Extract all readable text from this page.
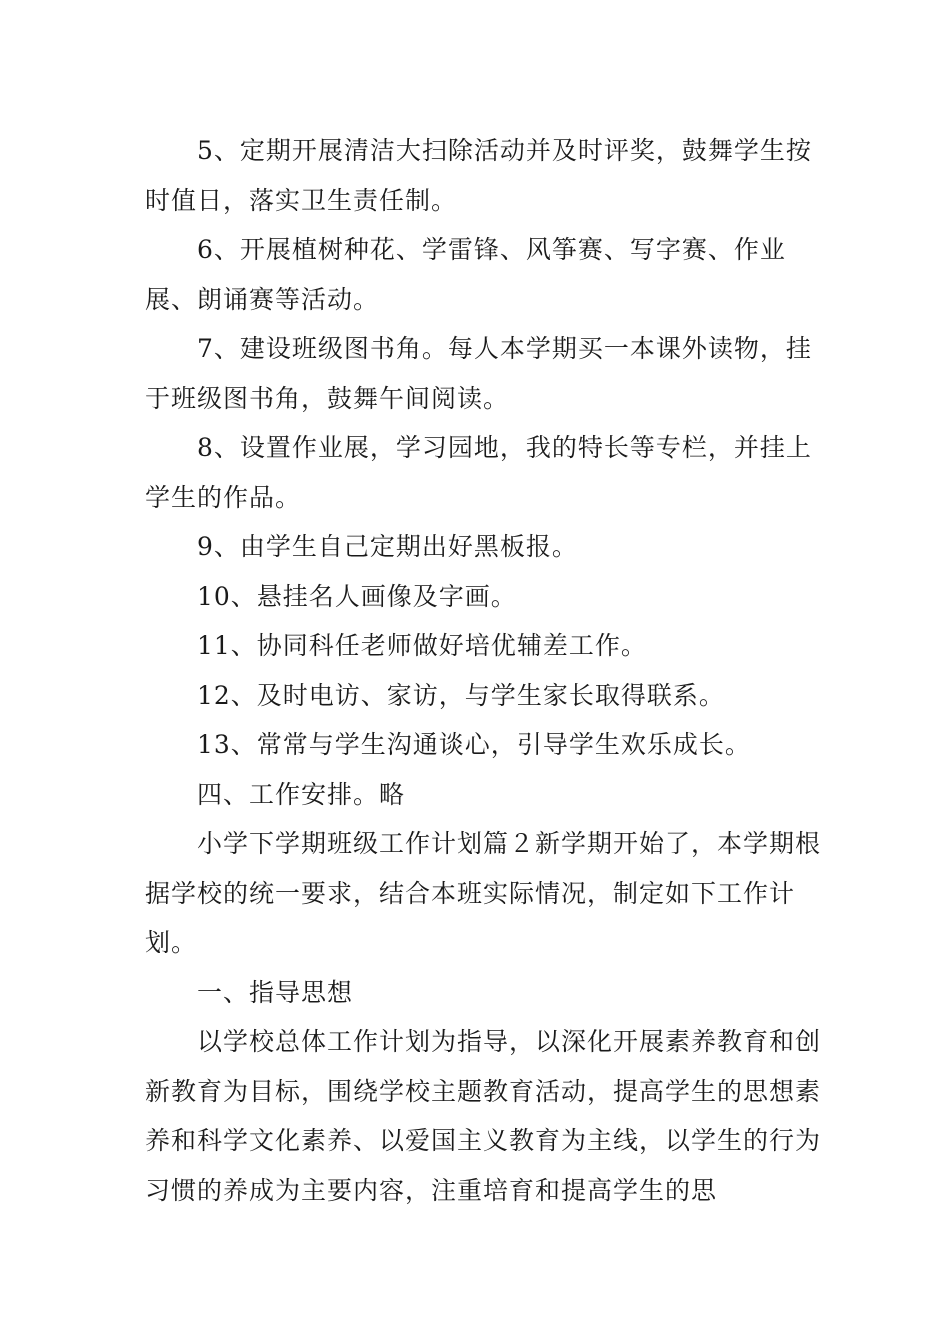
5、定期开展清洁大扫除活动并及时评奖，鼓舞学生按时值日，落实卫生责任制。

6、开展植树种花、学雷锋、风筝赛、写字赛、作业展、朗诵赛等活动。

7、建设班级图书角。每人本学期买一本课外读物，挂于班级图书角，鼓舞午间阅读。

8、设置作业展，学习园地，我的特长等专栏，并挂上学生的作品。

9、由学生自己定期出好黑板报。

10、悬挂名人画像及字画。

11、协同科任老师做好培优辅差工作。

12、及时电访、家访，与学生家长取得联系。

13、常常与学生沟通谈心，引导学生欢乐成长。

四、工作安排。略

小学下学期班级工作计划篇２新学期开始了，本学期根据学校的统一要求，结合本班实际情况，制定如下工作计划。

一、指导思想

以学校总体工作计划为指导，以深化开展素养教育和创新教育为目标，围绕学校主题教育活动，提高学生的思想素养和科学文化素养、以爱国主义教育为主线，以学生的行为习惯的养成为主要内容，注重培育和提高学生的思
